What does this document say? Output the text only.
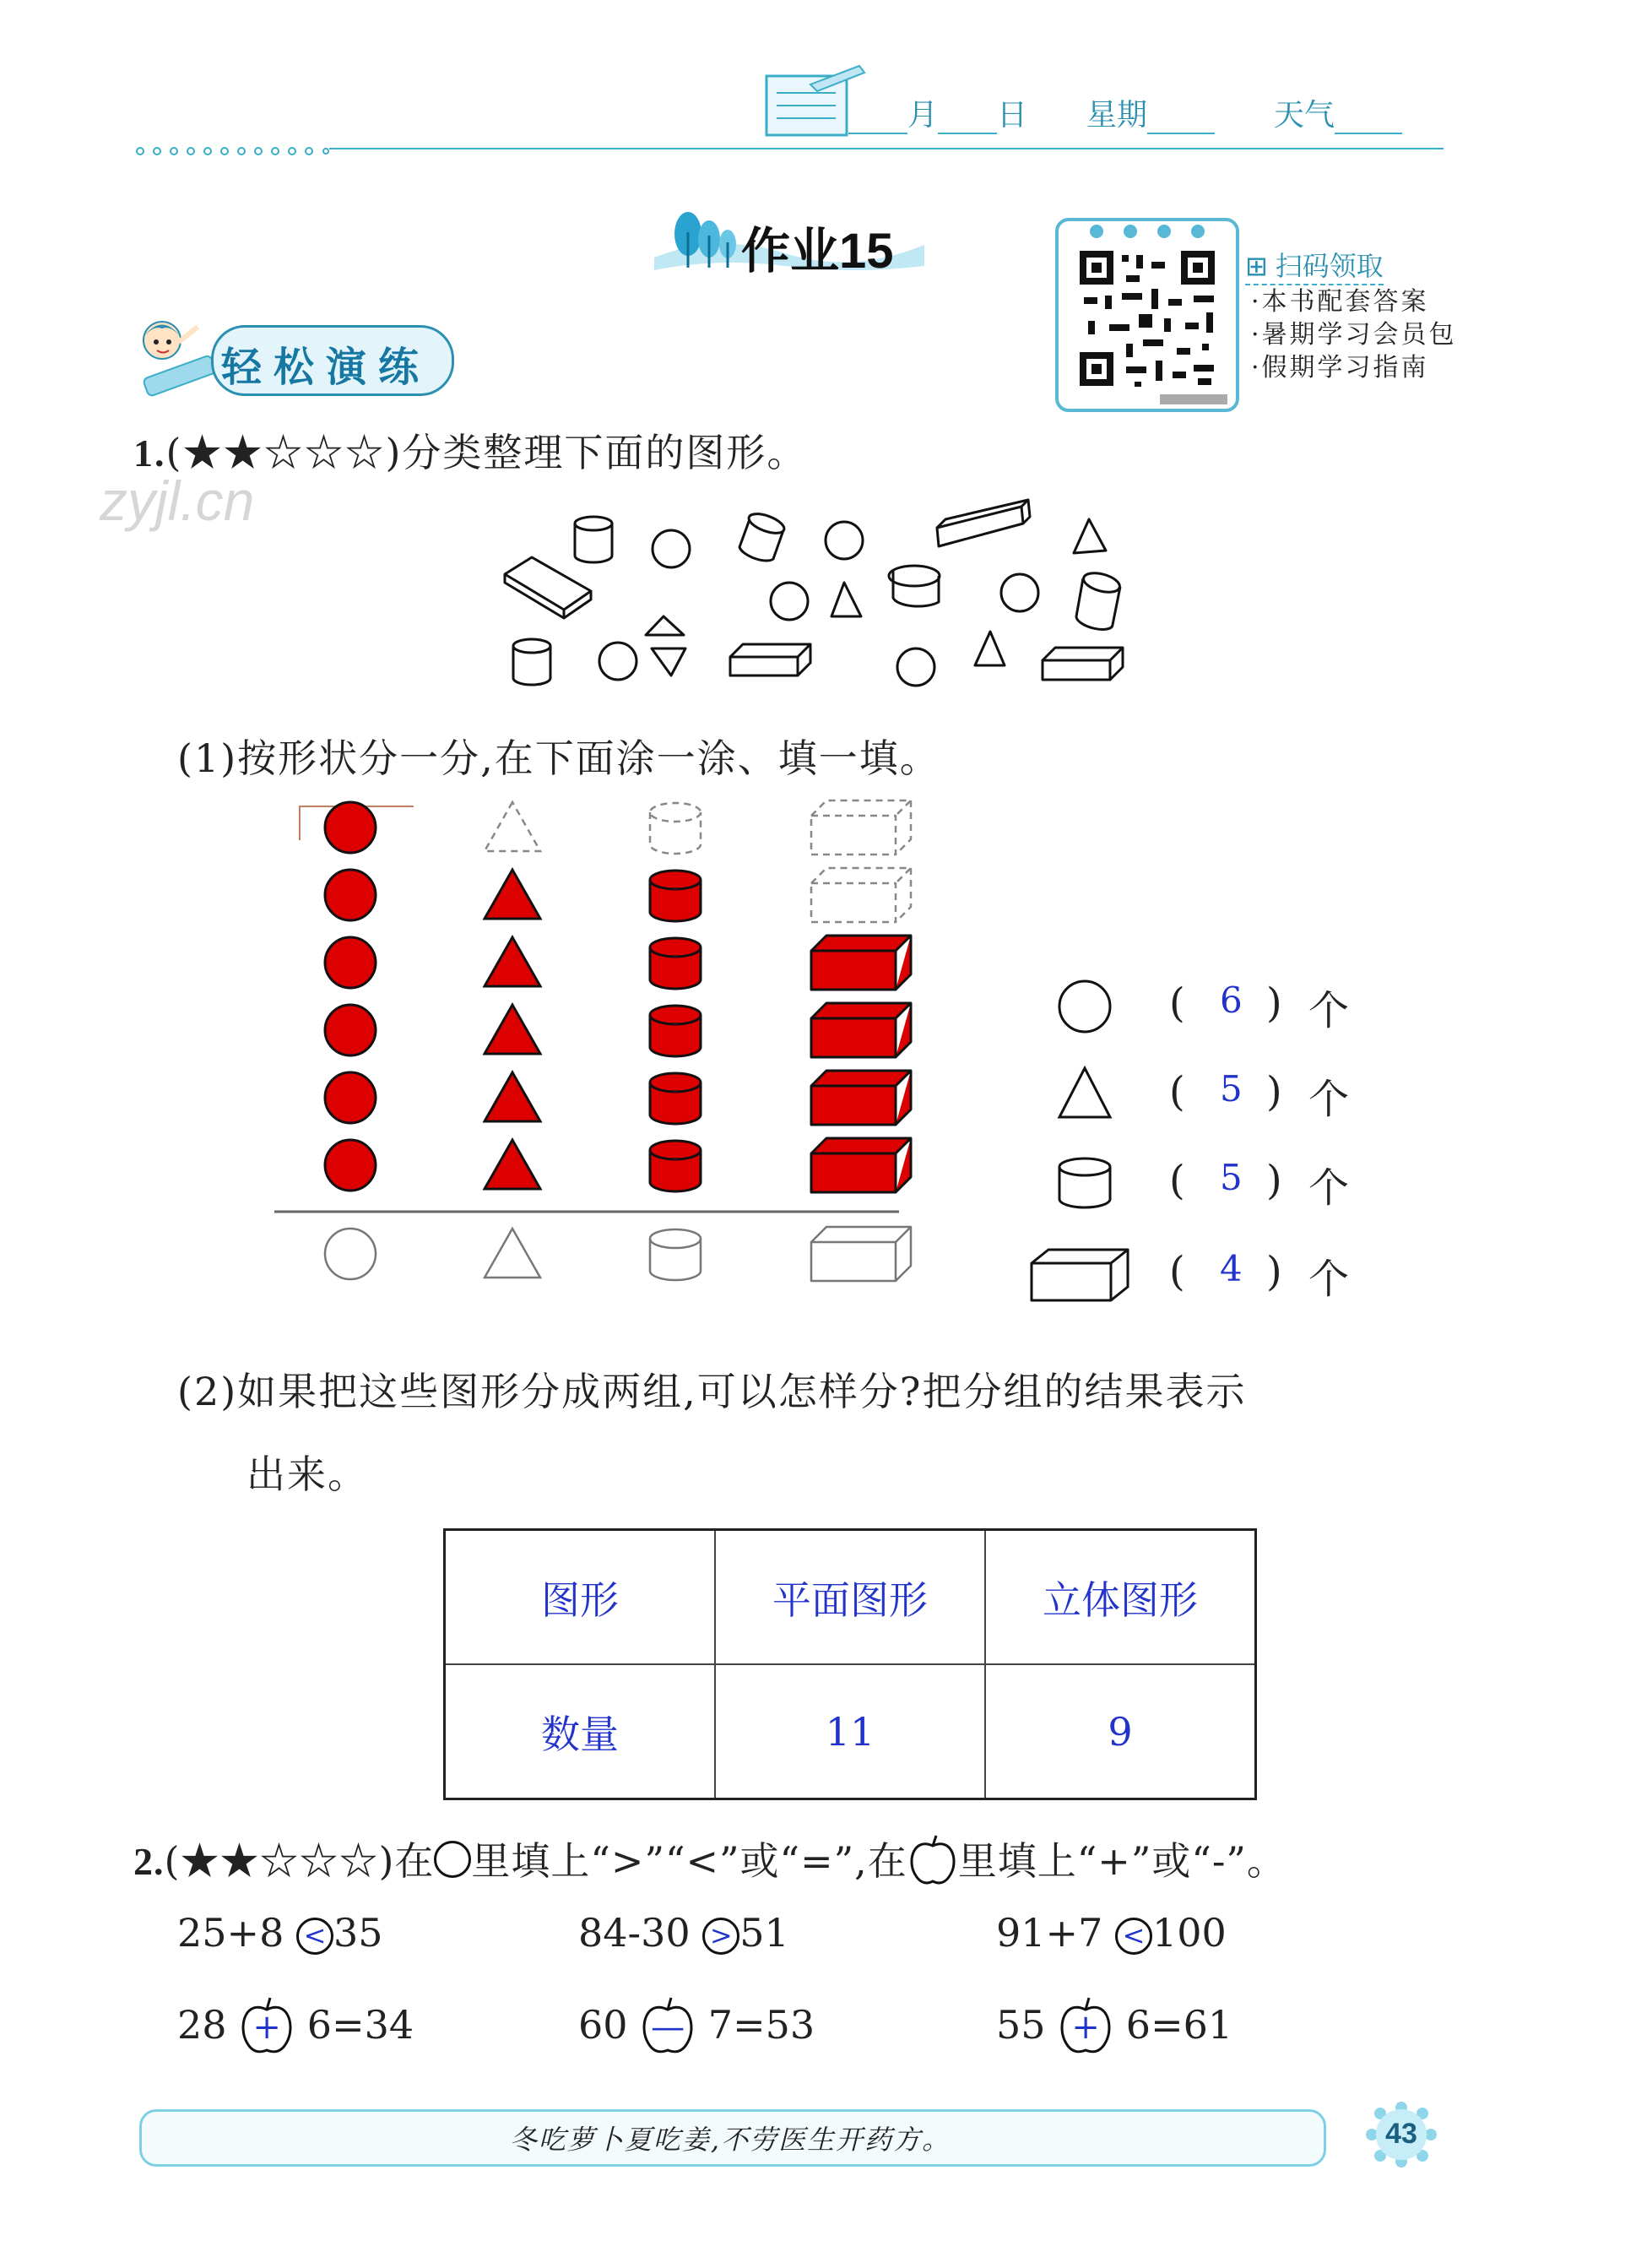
月 日 星期	天气
作业15	⊞ 扫码领取
·本书配套答案
·暑期学习会员包
·假期学习指南
轻松演练
zyjl.cn
1.(★★☆☆☆)分类整理下面的图形。
(1)按形状分一分,在下面涂一涂、填一填。
( 6 ) 个
( 5 ) 个
( 5 ) 个
( 4 ) 个
(2)如果把这些图形分成两组,可以怎样分?把分组的结果表示
出来。
图形	平面图形	立体图形
数量	11	9
2.(★★☆☆☆)在 里填上“>”“<”或“=”,在 里填上“+”或“-”。
25+8 < 35	84-30 > 51	91+7 < 100
28 + 6=34	60 — 7=53	55 + 6=61
冬吃萝卜夏吃姜,不劳医生开药方。	43
